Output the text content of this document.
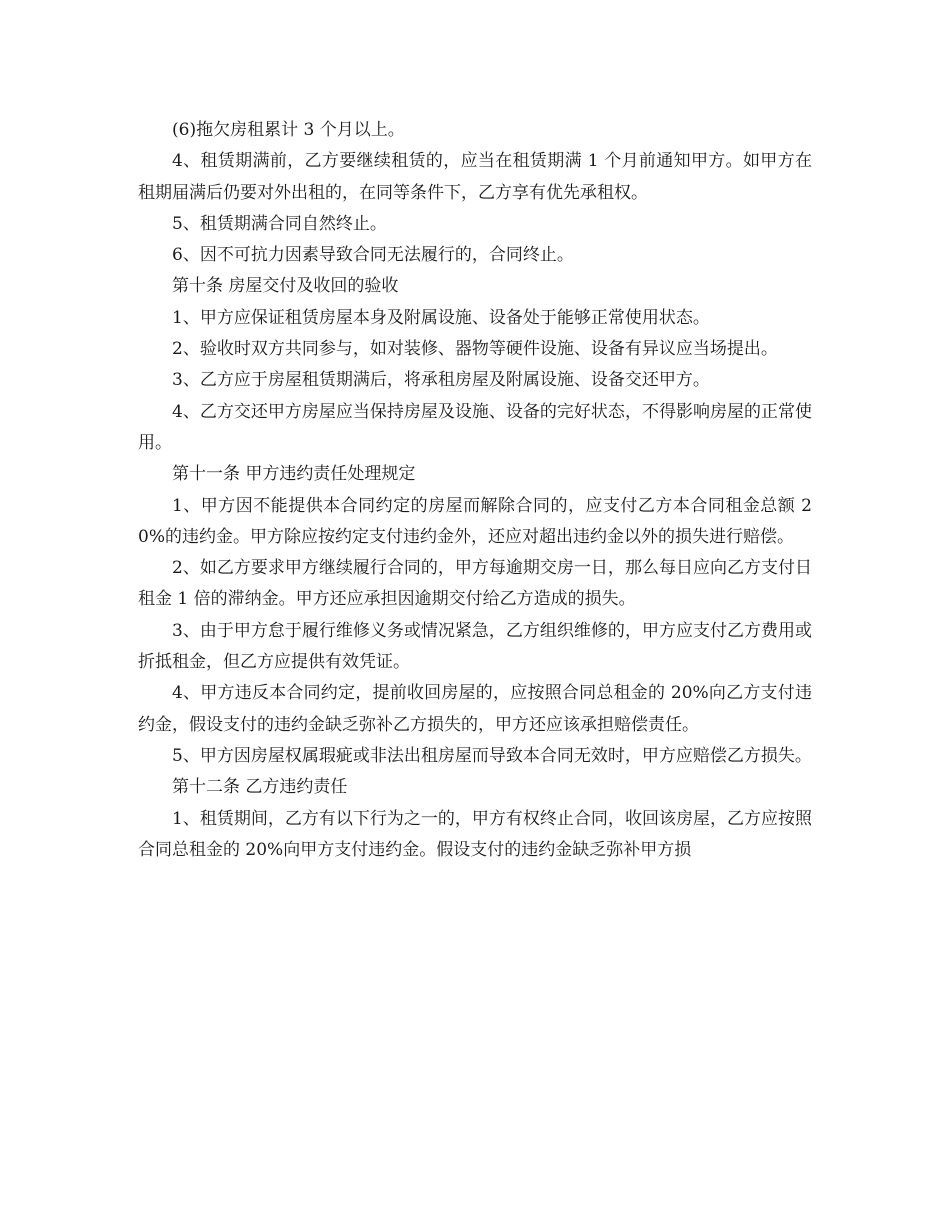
(6)拖欠房租累计 3 个月以上。

4、租赁期满前，乙方要继续租赁的，应当在租赁期满 1 个月前通知甲方。如甲方在租期届满后仍要对外出租的，在同等条件下，乙方享有优先承租权。

5、租赁期满合同自然终止。

6、因不可抗力因素导致合同无法履行的，合同终止。

第十条 房屋交付及收回的验收

1、甲方应保证租赁房屋本身及附属设施、设备处于能够正常使用状态。

2、验收时双方共同参与，如对装修、器物等硬件设施、设备有异议应当场提出。

3、乙方应于房屋租赁期满后，将承租房屋及附属设施、设备交还甲方。

4、乙方交还甲方房屋应当保持房屋及设施、设备的完好状态，不得影响房屋的正常使用。

第十一条 甲方违约责任处理规定

1、甲方因不能提供本合同约定的房屋而解除合同的，应支付乙方本合同租金总额 20%的违约金。甲方除应按约定支付违约金外，还应对超出违约金以外的损失进行赔偿。

2、如乙方要求甲方继续履行合同的，甲方每逾期交房一日，那么每日应向乙方支付日租金 1 倍的滞纳金。甲方还应承担因逾期交付给乙方造成的损失。

3、由于甲方怠于履行维修义务或情况紧急，乙方组织维修的，甲方应支付乙方费用或折抵租金，但乙方应提供有效凭证。

4、甲方违反本合同约定，提前收回房屋的，应按照合同总租金的 20%向乙方支付违约金，假设支付的违约金缺乏弥补乙方损失的，甲方还应该承担赔偿责任。

5、甲方因房屋权属瑕疵或非法出租房屋而导致本合同无效时，甲方应赔偿乙方损失。

第十二条 乙方违约责任

1、租赁期间，乙方有以下行为之一的，甲方有权终止合同，收回该房屋，乙方应按照合同总租金的 20%向甲方支付违约金。假设支付的违约金缺乏弥补甲方损
